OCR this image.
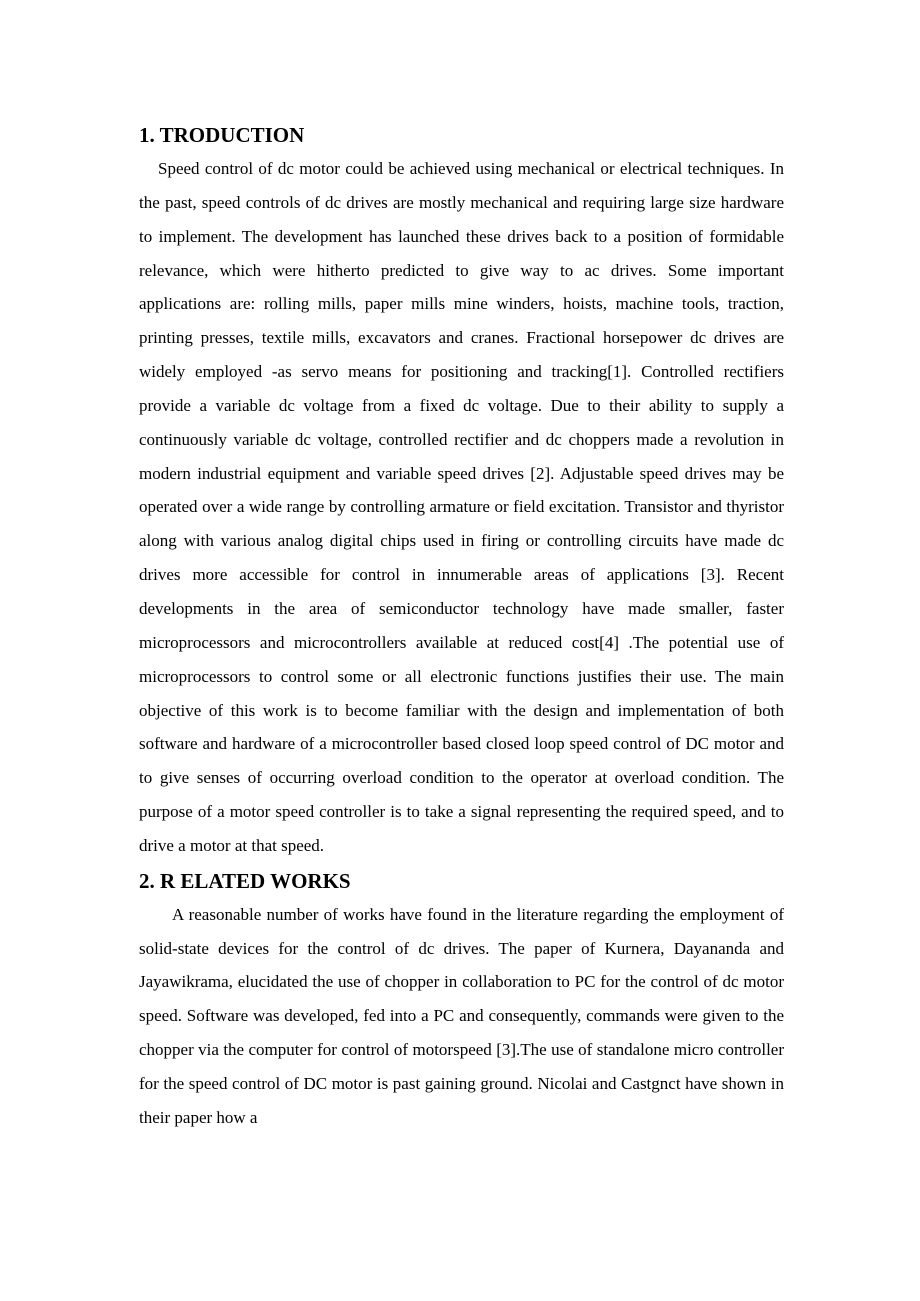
1. TRODUCTION

Speed control of dc motor could be achieved using mechanical or electrical techniques. In the past, speed controls of dc drives are mostly mechanical and requiring large size hardware to implement. The development has launched these drives back to a position of formidable relevance, which were hitherto predicted to give way to ac drives. Some important applications are: rolling mills, paper mills mine winders, hoists, machine tools, traction, printing presses, textile mills, excavators and cranes. Fractional horsepower dc drives are widely employed -as servo means for positioning and tracking[1]. Controlled rectifiers provide a variable dc voltage from a fixed dc voltage. Due to their ability to supply a continuously variable dc voltage, controlled rectifier and dc choppers made a revolution in modern industrial equipment and variable speed drives [2]. Adjustable speed drives may be operated over a wide range by controlling armature or field excitation. Transistor and thyristor along with various analog digital chips used in firing or controlling circuits have made dc drives more accessible for control in innumerable areas of applications [3]. Recent developments in the area of semiconductor technology have made smaller, faster microprocessors and microcontrollers available at reduced cost[4] .The potential use of microprocessors to control some or all electronic functions justifies their use. The main objective of this work is to become familiar with the design and implementation of both software and hardware of a microcontroller based closed loop speed control of DC motor and to give senses of occurring overload condition to the operator at overload condition. The purpose of a motor speed controller is to take a signal representing the required speed, and to drive a motor at that speed.

2. R ELATED WORKS

A reasonable number of works have found in the literature regarding the employment of solid-state devices for the control of dc drives. The paper of Kurnera, Dayananda and Jayawikrama, elucidated the use of chopper in collaboration to PC for the control of dc motor speed. Software was developed, fed into a PC and consequently, commands were given to the chopper via the computer for control of motorspeed [3].The use of standalone micro controller for the speed control of DC motor is past gaining ground. Nicolai and Castgnct have shown in their paper how a
